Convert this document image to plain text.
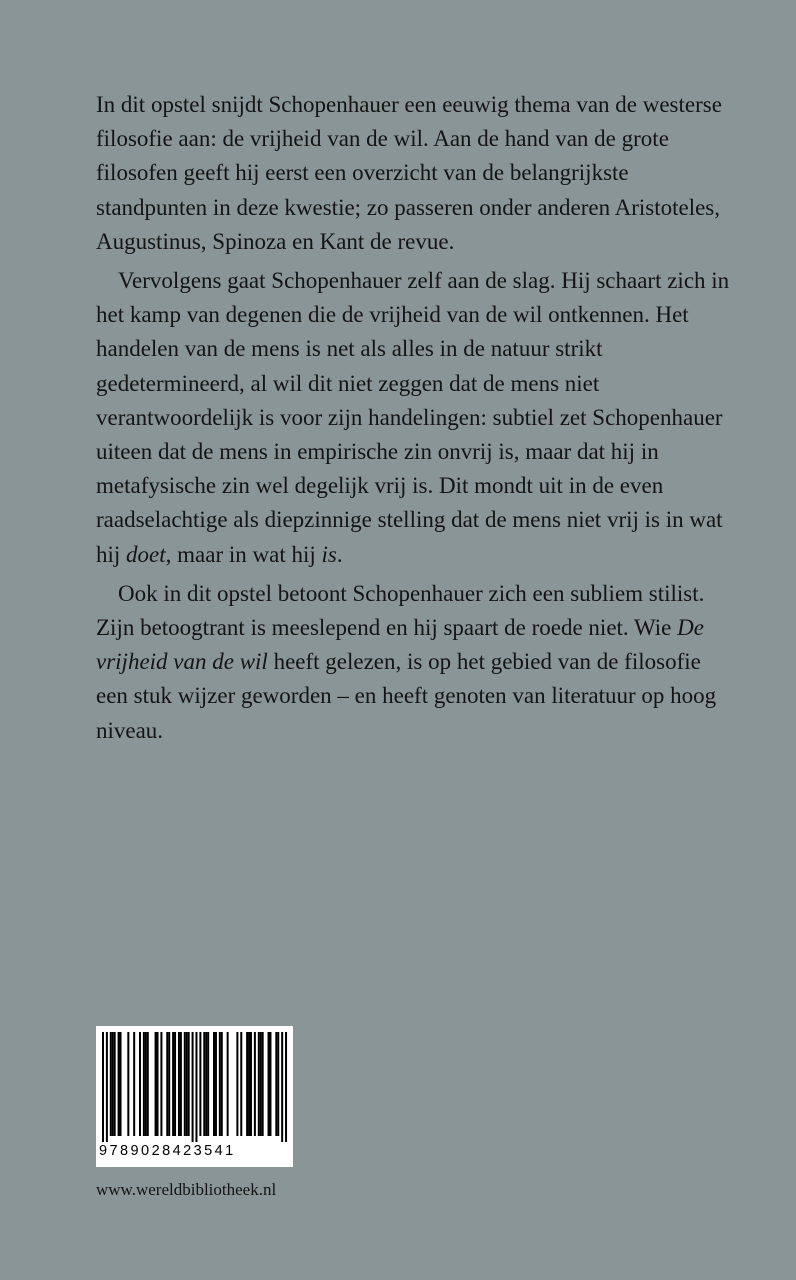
In dit opstel snijdt Schopenhauer een eeuwig thema van de westerse filosofie aan: de vrijheid van de wil. Aan de hand van de grote filosofen geeft hij eerst een overzicht van de belangrijkste standpunten in deze kwestie; zo passeren onder anderen Aristoteles, Augustinus, Spinoza en Kant de revue.

Vervolgens gaat Schopenhauer zelf aan de slag. Hij schaart zich in het kamp van degenen die de vrijheid van de wil ontkennen. Het handelen van de mens is net als alles in de natuur strikt gedetermineerd, al wil dit niet zeggen dat de mens niet verantwoordelijk is voor zijn handelingen: subtiel zet Schopenhauer uiteen dat de mens in empirische zin onvrij is, maar dat hij in metafysische zin wel degelijk vrij is. Dit mondt uit in de even raadselachtige als diepzinnige stelling dat de mens niet vrij is in wat hij doet, maar in wat hij is.

Ook in dit opstel betoont Schopenhauer zich een subliem stilist. Zijn betoogtrant is meeslepend en hij spaart de roede niet. Wie De vrijheid van de wil heeft gelezen, is op het gebied van de filosofie een stuk wijzer geworden – en heeft genoten van literatuur op hoog niveau.

9789028423541
www.wereldbibliotheek.nl
